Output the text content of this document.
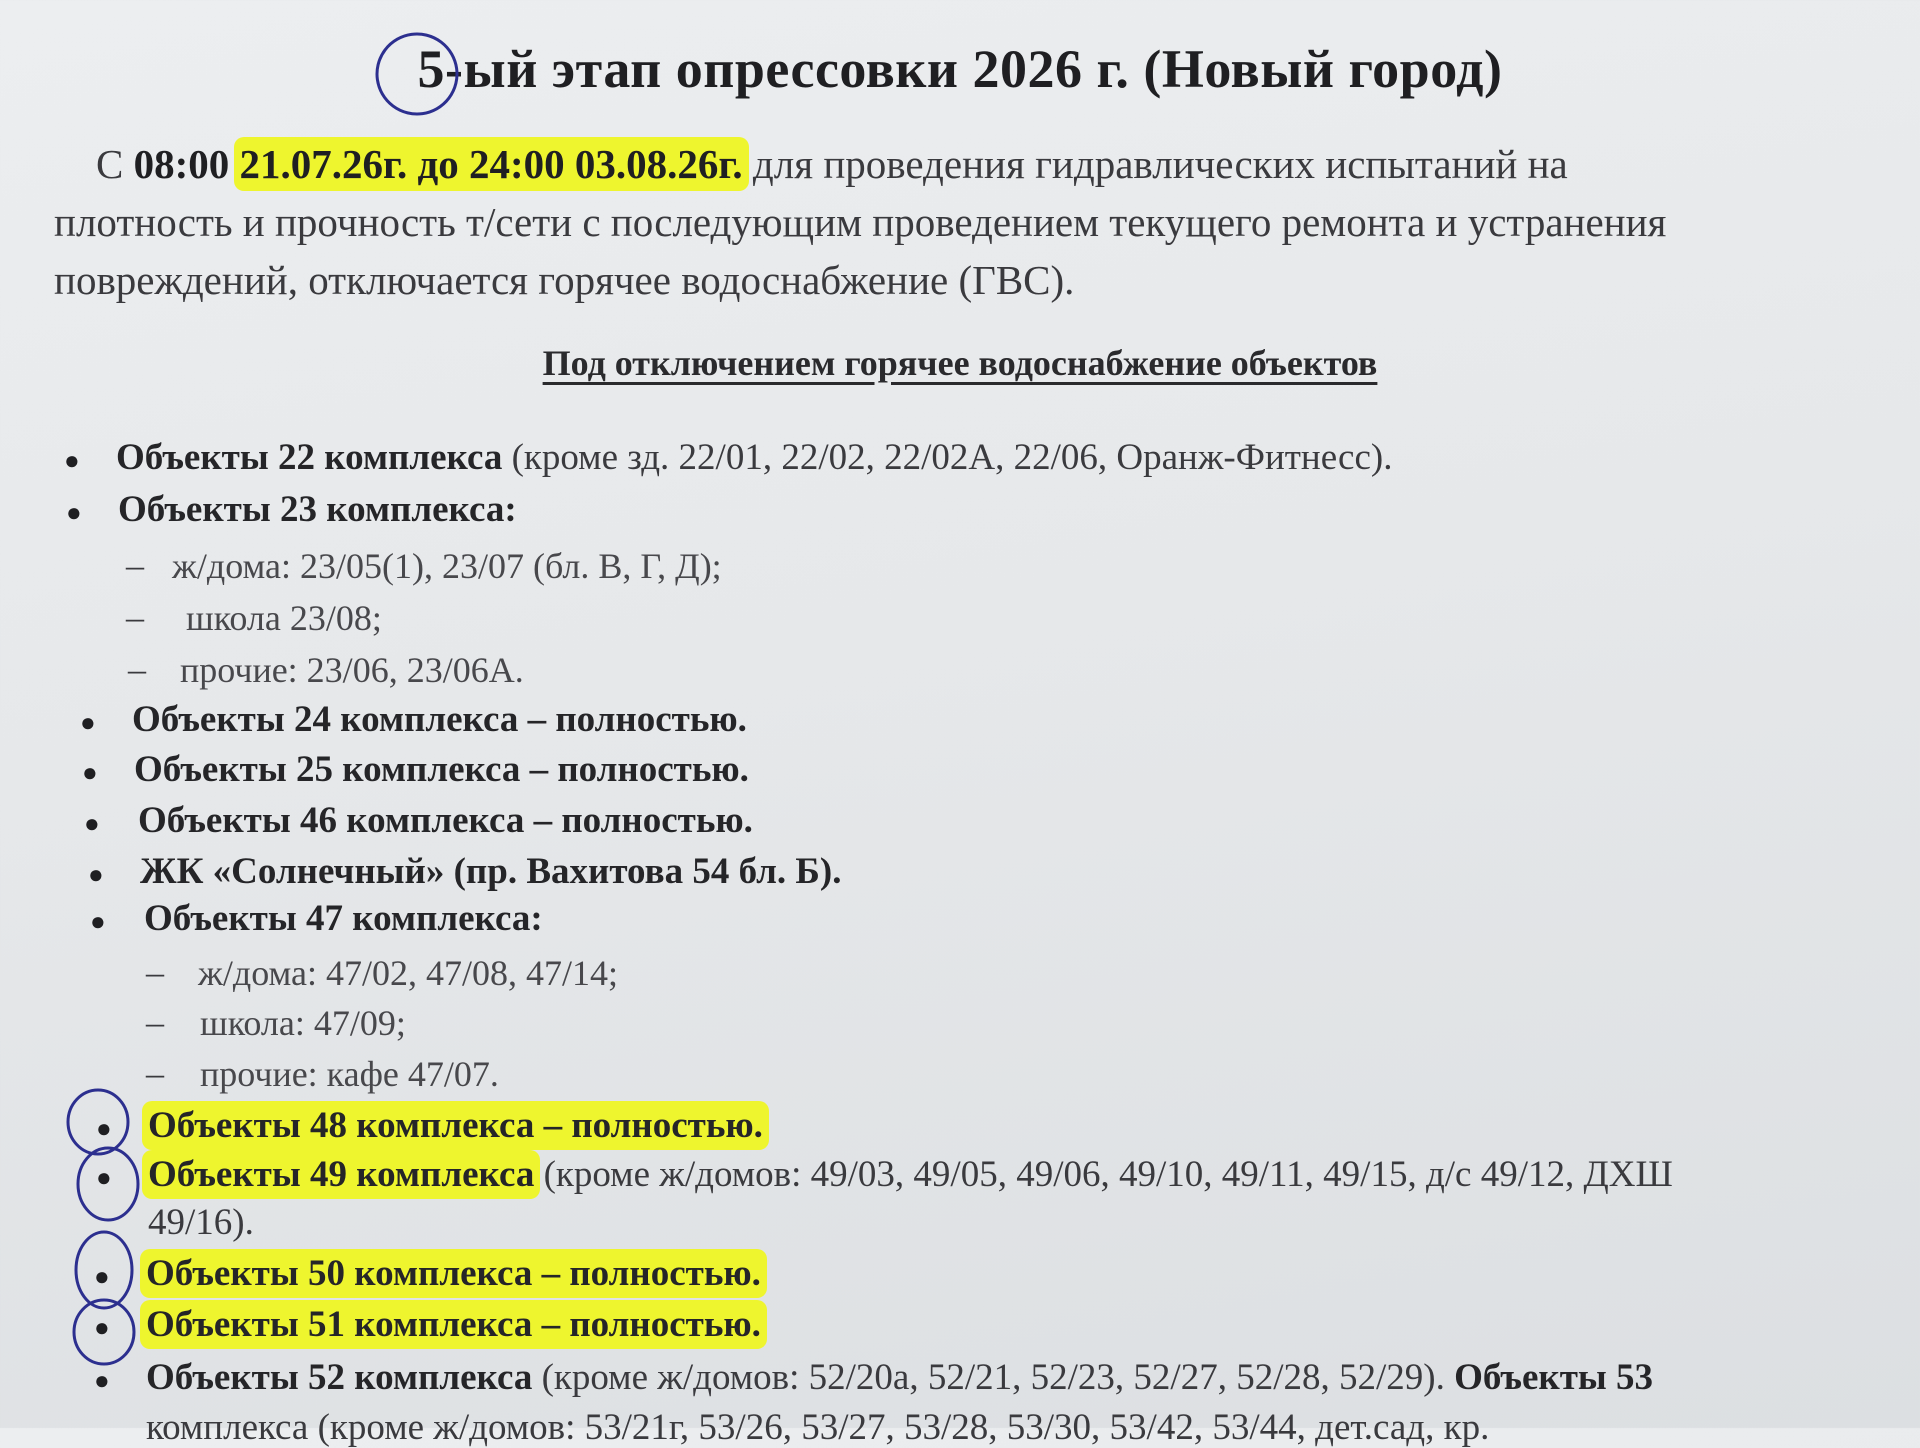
5-ый этап опрессовки 2026 г. (Новый город)
С 08:00 21.07.26г. до 24:00 03.08.26г. для проведения гидравлических испытаний на
плотность и прочность т/сети с последующим проведением текущего ремонта и устранения
повреждений, отключается горячее водоснабжение (ГВС).
Под отключением горячее водоснабжение объектов
● Объекты 22 комплекса (кроме зд. 22/01, 22/02, 22/02А, 22/06, Оранж-Фитнесс).
● Объекты 23 комплекса:
– ж/дома: 23/05(1), 23/07 (бл. В, Г, Д);
– школа 23/08;
– прочие: 23/06, 23/06А.
● Объекты 24 комплекса – полностью.
● Объекты 25 комплекса – полностью.
● Объекты 46 комплекса – полностью.
● ЖК «Солнечный» (пр. Вахитова 54 бл. Б).
● Объекты 47 комплекса:
– ж/дома: 47/02, 47/08, 47/14;
– школа: 47/09;
– прочие: кафе 47/07.
● Объекты 48 комплекса – полностью.
● Объекты 49 комплекса (кроме ж/домов: 49/03, 49/05, 49/06, 49/10, 49/11, 49/15, д/с 49/12, ДХШ
49/16).
● Объекты 50 комплекса – полностью.
● Объекты 51 комплекса – полностью.
● Объекты 52 комплекса (кроме ж/домов: 52/20а, 52/21, 52/23, 52/27, 52/28, 52/29). Объекты 53
комплекса (кроме ж/домов: 53/21г, 53/26, 53/27, 53/28, 53/30, 53/42, 53/44, дет.сад, кр.
